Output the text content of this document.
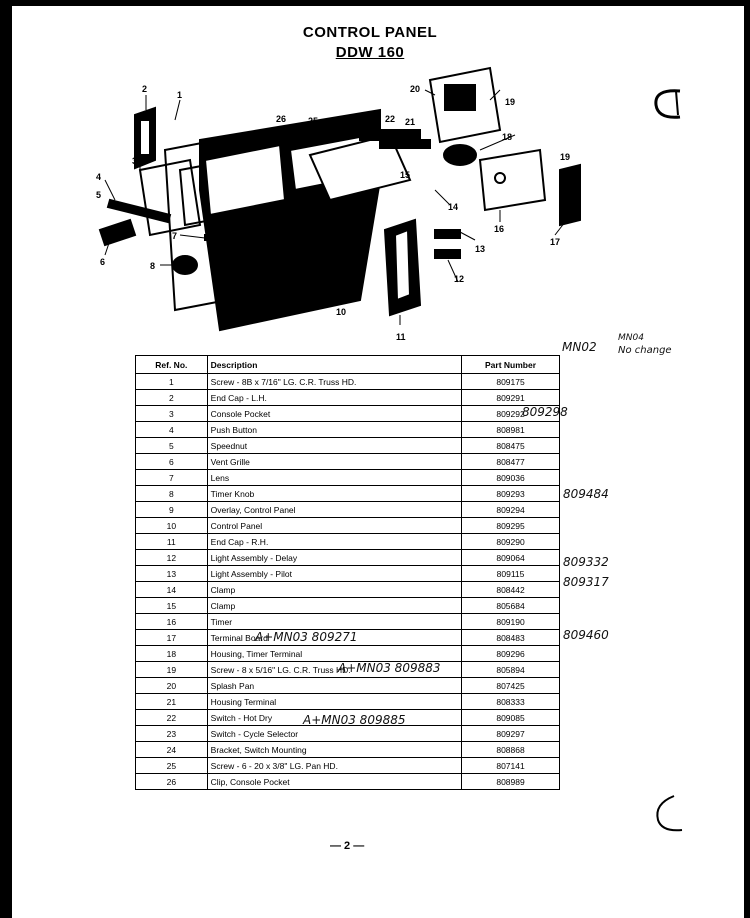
CONTROL PANEL
DDW 160
2
1
3
4
5
6
7
8
9
10
11
12
13
14
15
16
17
18
19
20
21
22
23
24
25
26
19
Ref. No.	Description	Part Number
1	Screw - 8B x 7/16" LG. C.R. Truss HD.	809175
2	End Cap - L.H.	809291
3	Console Pocket	809292
4	Push Button	808981
5	Speednut	808475
6	Vent Grille	808477
7	Lens	809036
8	Timer Knob	809293
9	Overlay, Control Panel	809294
10	Control Panel	809295
11	End Cap - R.H.	809290
12	Light Assembly - Delay	809064
13	Light Assembly - Pilot	809115
14	Clamp	808442
15	Clamp	805684
16	Timer	809190
17	Terminal Board	808483
18	Housing, Timer Terminal	809296
19	Screw - 8 x 5/16" LG. C.R. Truss HD.	805894
20	Splash Pan	807425
21	Housing Terminal	808333
22	Switch - Hot Dry	809085
23	Switch - Cycle Selector	809297
24	Bracket, Switch Mounting	808868
25	Screw - 6 - 20 x 3/8" LG. Pan HD.	807141
26	Clip, Console Pocket	808989
MN02
MN04
No change
809298
809484
809332
809317
809460
A+MN03 809271
A+MN03 809883
A+MN03 809885
— 2 —
